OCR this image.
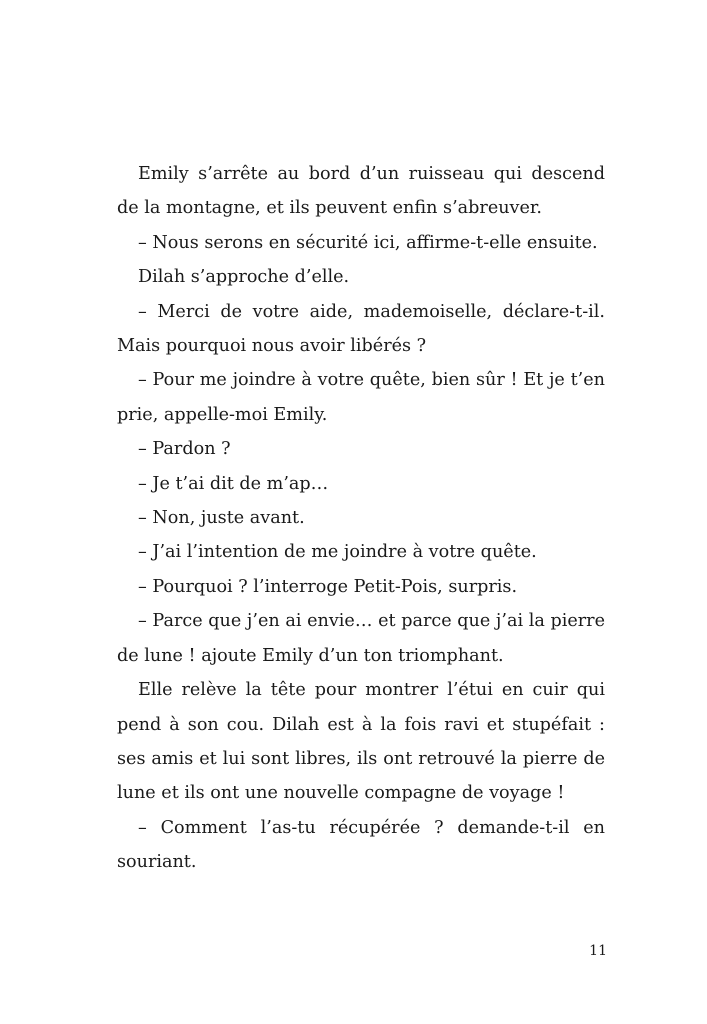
Emily s’arrête au bord d’un ruisseau qui descend de la montagne, et ils peuvent enfin s’abreuver.

– Nous serons en sécurité ici, affirme-t-elle ensuite.

Dilah s’approche d’elle.

– Merci de votre aide, mademoiselle, déclare-t-il. Mais pourquoi nous avoir libérés ?

– Pour me joindre à votre quête, bien sûr ! Et je t’en prie, appelle-moi Emily.

– Pardon ?

– Je t’ai dit de m’ap…

– Non, juste avant.

– J’ai l’intention de me joindre à votre quête.

– Pourquoi ? l’interroge Petit-Pois, surpris.

– Parce que j’en ai envie… et parce que j’ai la pierre de lune ! ajoute Emily d’un ton triomphant.

Elle relève la tête pour montrer l’étui en cuir qui pend à son cou. Dilah est à la fois ravi et stupéfait : ses amis et lui sont libres, ils ont retrouvé la pierre de lune et ils ont une nouvelle compagne de voyage !

– Comment l’as-tu récupérée ? demande-t-il en souriant.

11
